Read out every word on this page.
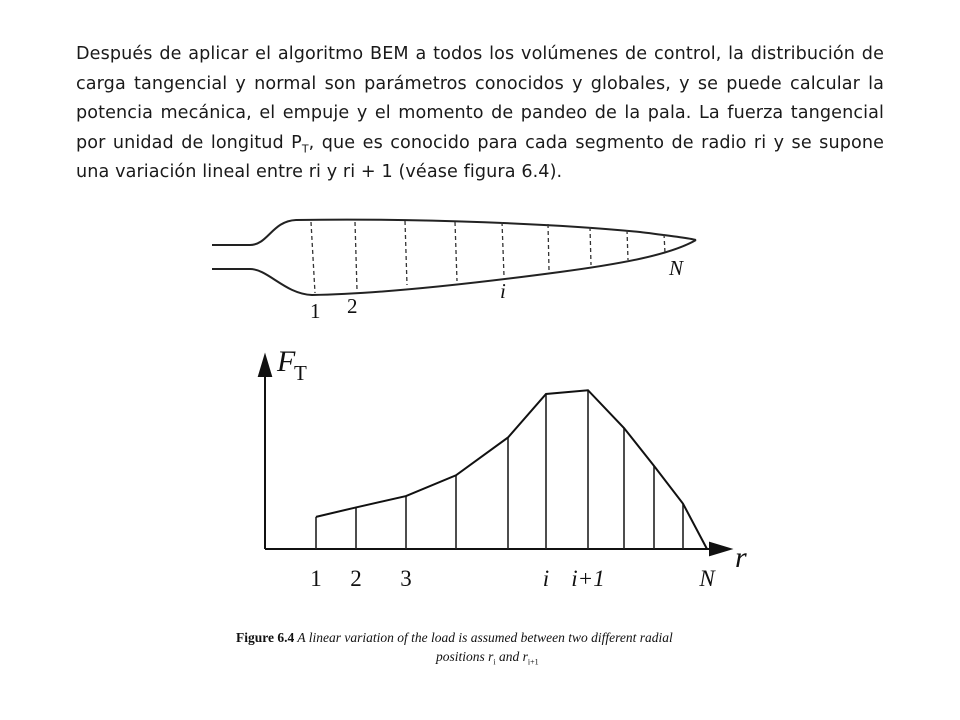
Después de aplicar el algoritmo BEM a todos los volúmenes de control, la distribución de carga tangencial y normal son parámetros conocidos y globales, y se puede calcular la potencia mecánica, el empuje y el momento de pandeo de la pala. La fuerza tangencial por unidad de longitud $P_T$, que es conocido para cada segmento de radio ri y se supone una variación lineal entre ri y ri + 1 (véase figura 6.4).
1 2
i
N
F
T
r
1 2 3	i i+1	N
Figure 6.4 A linear variation of the load is assumed between two different radial
positions $r_i$ and $r_{i+1}$
